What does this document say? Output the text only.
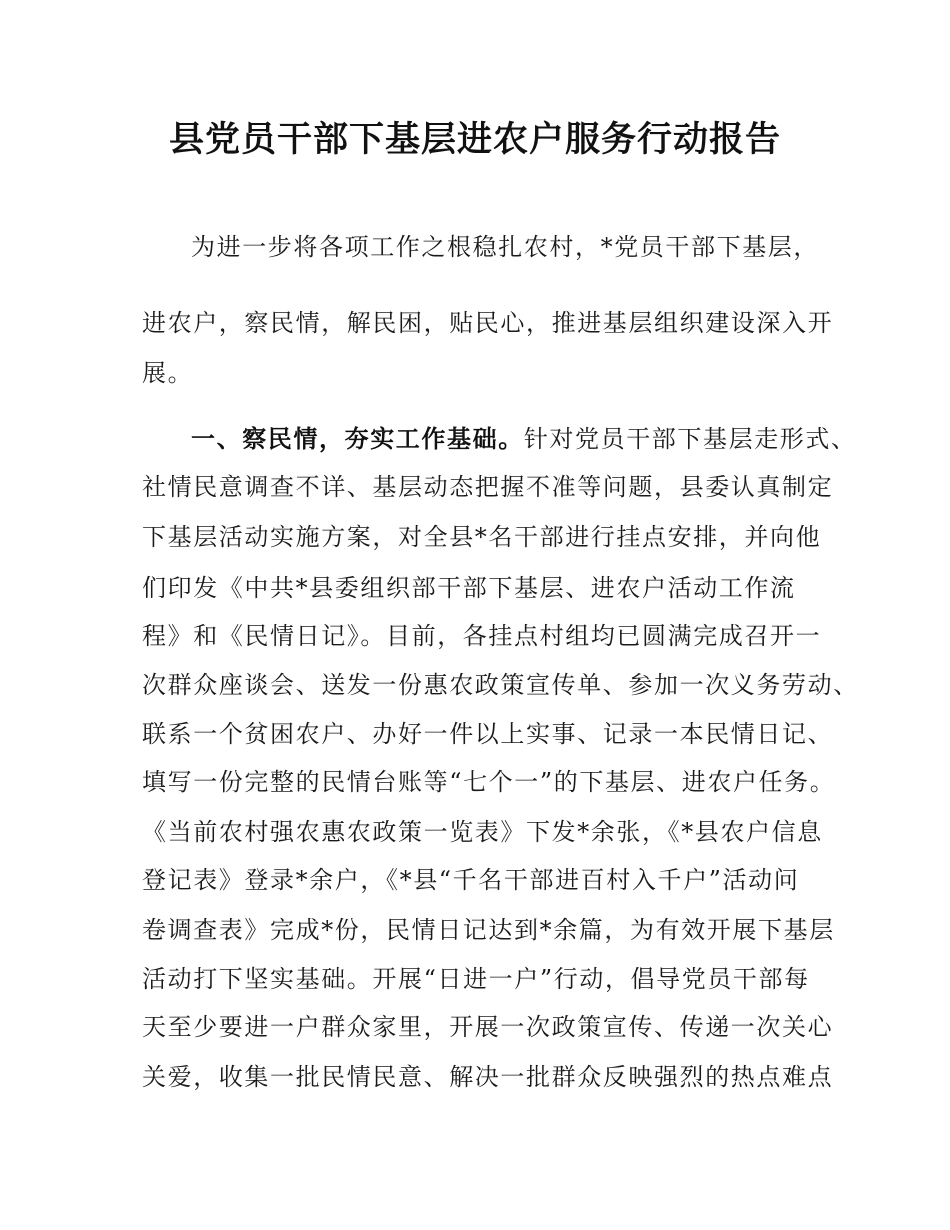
县党员干部下基层进农户服务行动报告
为进一步将各项工作之根稳扎农村，*党员干部下基层，
进农户，察民情，解民困，贴民心，推进基层组织建设深入开
展。
一、察民情，夯实工作基础。针对党员干部下基层走形式、
社情民意调查不详、基层动态把握不准等问题，县委认真制定
下基层活动实施方案，对全县*名干部进行挂点安排，并向他
们印发《中共*县委组织部干部下基层、进农户活动工作流
程》和《民情日记》。目前，各挂点村组均已圆满完成召开一
次群众座谈会、送发一份惠农政策宣传单、参加一次义务劳动、
联系一个贫困农户、办好一件以上实事、记录一本民情日记、
填写一份完整的民情台账等“七个一”的下基层、进农户任务。
《当前农村强农惠农政策一览表》下发*余张，《*县农户信息
登记表》登录*余户，《*县“千名干部进百村入千户”活动问
卷调查表》完成*份，民情日记达到*余篇，为有效开展下基层
活动打下坚实基础。开展“日进一户”行动，倡导党员干部每
天至少要进一户群众家里，开展一次政策宣传、传递一次关心
关爱，收集一批民情民意、解决一批群众反映强烈的热点难点
